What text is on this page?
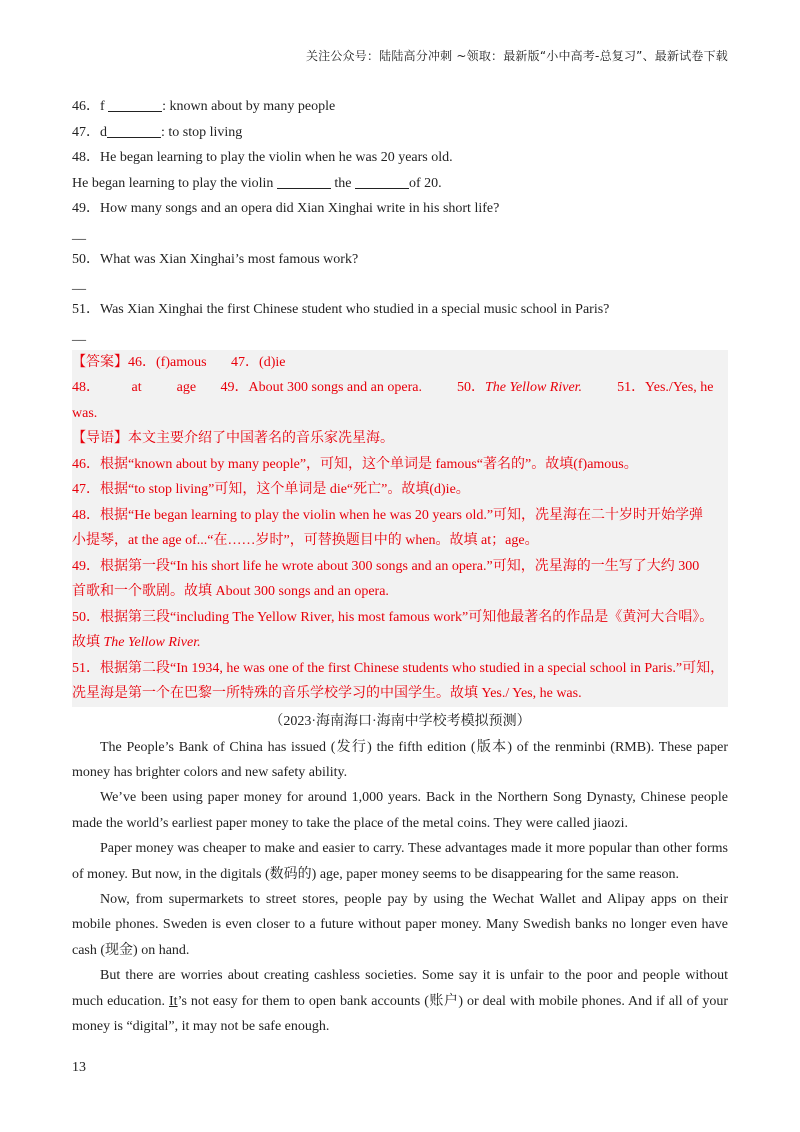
关注公众号：陆陆高分冲刺 ~领取：最新版“小中高考-总复习”、最新试卷下载
46．f	: known about by many people
47．d	: to stop living
48．He began learning to play the violin when he was 20 years old.
He began learning to play the violin	the	of 20.
49．How many songs and an opera did Xian Xinghai write in his short life?
__
50．What was Xian Xinghai’s most famous work?
__
51．Was Xian Xinghai the first Chinese student who studied in a special music school in Paris?
__
【答案】46．(f)amous       47．(d)ie
48．         at          age       49．About 300 songs and an opera.          50．The Yellow River.          51．Yes./Yes, he
was.
【导语】本文主要介绍了中国著名的音乐家冼星海。
46．根据“known about by many people”，可知，这个单词是 famous“著名的”。故填(f)amous。
47．根据“to stop living”可知，这个单词是 die“死亡”。故填(d)ie。
48．根据“He began learning to play the violin when he was 20 years old.”可知，冼星海在二十岁时开始学弹
小提琴，at the age of...“在……岁时”，可替换题目中的 when。故填 at；age。
49．根据第一段“In his short life he wrote about 300 songs and an opera.”可知，冼星海的一生写了大约 300
首歌和一个歌剧。故填 About 300 songs and an opera.
50．根据第三段“including The Yellow River, his most famous work”可知他最著名的作品是《黄河大合唱》。
故填 The Yellow River.
51．根据第二段“In 1934, he was one of the first Chinese students who studied in a special school in Paris.”可知，
冼星海是第一个在巴黎一所特殊的音乐学校学习的中国学生。故填 Yes./ Yes, he was.
（2023·海南海口·海南中学校考模拟预测）
The People’s Bank of China has issued (发行) the fifth edition (版本) of the renminbi (RMB). These paper money has brighter colors and new safety ability.
We’ve been using paper money for around 1,000 years. Back in the Northern Song Dynasty, Chinese people made the world’s earliest paper money to take the place of the metal coins. They were called jiaozi.
Paper money was cheaper to make and easier to carry. These advantages made it more popular than other forms of money. But now, in the digitals (数码的) age, paper money seems to be disappearing for the same reason.
Now, from supermarkets to street stores, people pay by using the Wechat Wallet and Alipay apps on their mobile phones. Sweden is even closer to a future without paper money. Many Swedish banks no longer even have cash (现金) on hand.
But there are worries about creating cashless societies. Some say it is unfair to the poor and people without much education. It’s not easy for them to open bank accounts (账户) or deal with mobile phones. And if all of your money is “digital”, it may not be safe enough.
13
